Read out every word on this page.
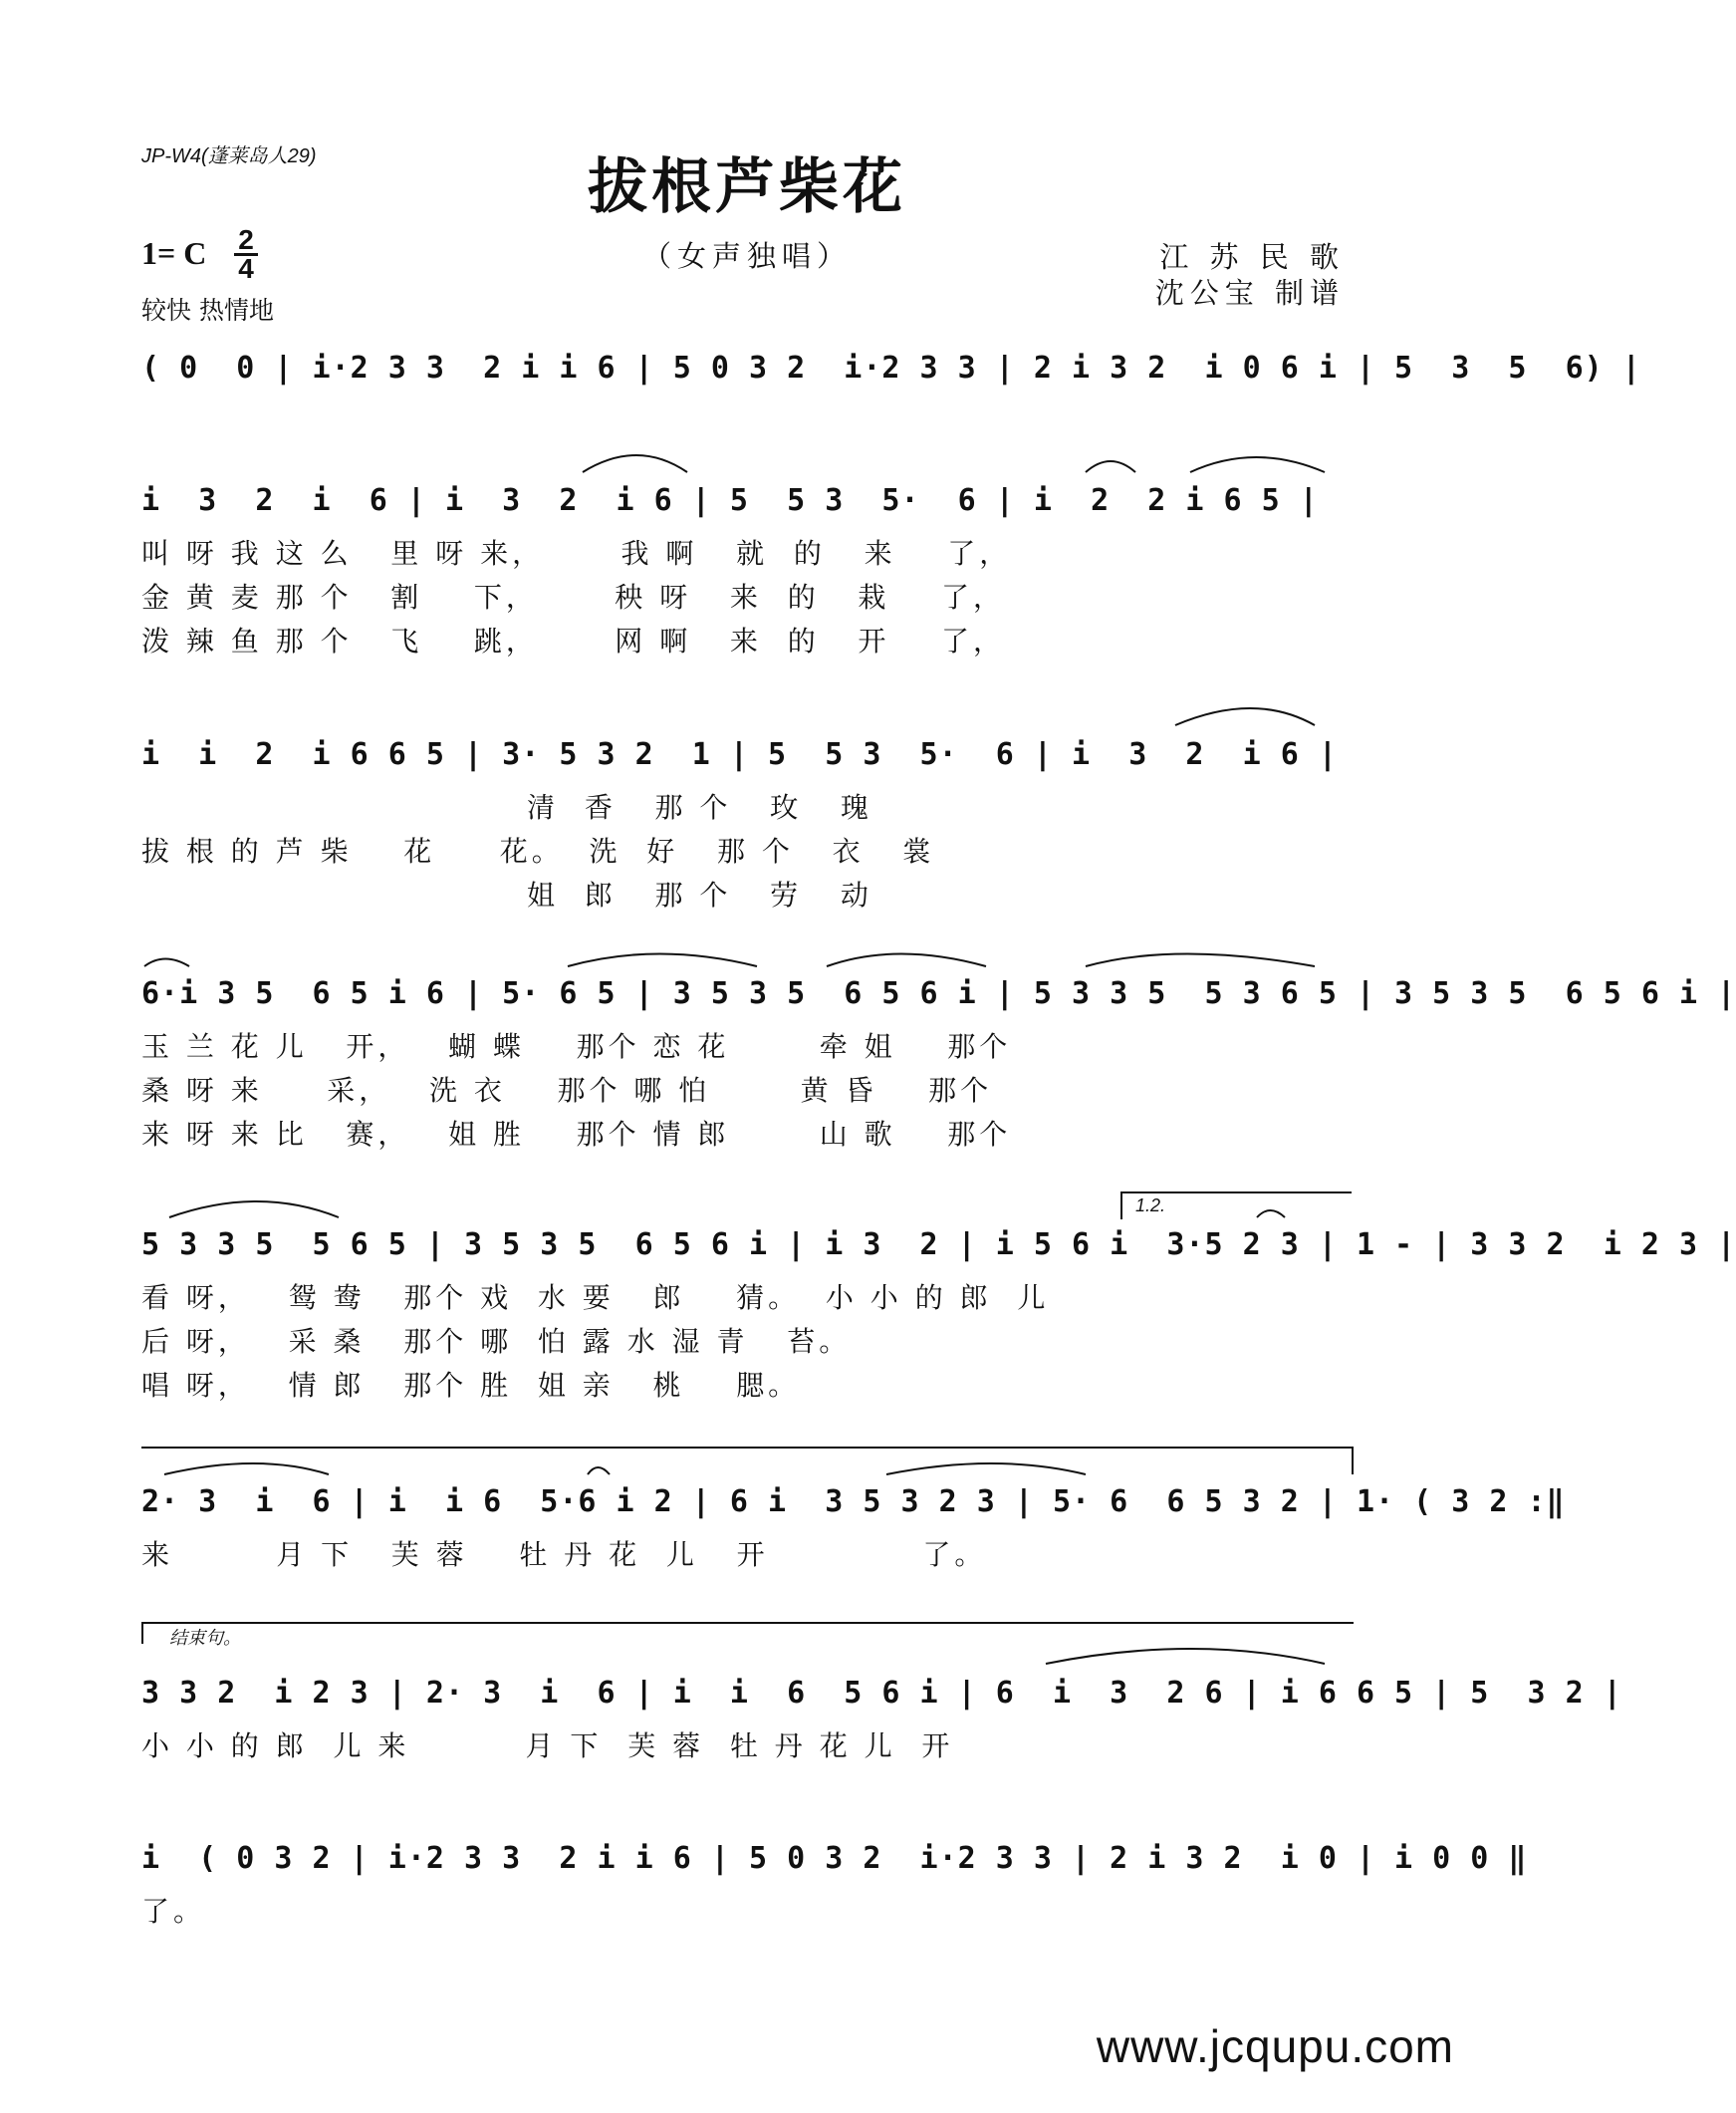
JP-W4(蓬莱岛人29)	拔根芦柴花
（女声独唱）
1= C 2
4
较快 热情地
江 苏 民 歌
沈公宝 制谱
( 0  0 | i·2 3 3  2 i i 6 | 5 0 3 2  i·2 3 3 | 2 i 3 2  i 0 6 i | 5  3  5  6) |
i  3  2  i  6 | i  3  2  i 6 | 5  5 3  5·  6 | i  2  2 i 6 5 |
叫 呀 我 这 么   里 呀 来，      我 啊   就  的   来    了，
金 黄 麦 那 个   割    下，      秧 呀   来  的   栽    了，
泼 辣 鱼 那 个   飞    跳，      网 啊   来  的   开    了，
i  i  2  i 6 6 5 | 3· 5 3 2  1 | 5  5 3  5·  6 | i  3  2  i 6 |
清  香   那 个   玫   瑰
拔 根 的 芦 柴    花     花。  洗  好   那 个   衣   裳
姐  郎   那 个   劳   动
6·i 3 5  6 5 i 6 | 5· 6 5 | 3 5 3 5  6 5 6 i | 5 3 3 5  5 3 6 5 | 3 5 3 5  6 5 6 i |
玉 兰 花 儿   开，   蝴 蝶    那个 恋 花       牵 姐    那个
桑 呀 来     采，   洗 衣    那个 哪 怕       黄 昏    那个
来 呀 来 比   赛，   姐 胜    那个 情 郎       山 歌    那个
1.2.
5 3 3 5  5 6 5 | 3 5 3 5  6 5 6 i | i 3  2 | i 5 6 i  3·5 2 3 | 1 - | 3 3 2  i 2 3 |
看 呀，   鸳 鸯   那个 戏  水 要   郎    猜。  小 小 的 郎  儿
后 呀，   采 桑   那个 哪  怕 露 水 湿 青   苔。
唱 呀，   情 郎   那个 胜  姐 亲   桃    腮。
2· 3  i  6 | i  i 6  5·6 i 2 | 6 i  3 5 3 2 3 | 5· 6  6 5 3 2 | 1· ( 3 2 :‖
来        月 下   芙 蓉    牡 丹 花  儿   开            了。
结束句。
3 3 2  i 2 3 | 2· 3  i  6 | i  i  6  5 6 i | 6  i  3  2 6 | i 6 6 5 | 5  3 2 |
小 小 的 郎  儿 来         月 下  芙 蓉  牡 丹 花 儿  开
i  ( 0 3 2 | i·2 3 3  2 i i 6 | 5 0 3 2  i·2 3 3 | 2 i 3 2  i 0 | i 0 0 ‖
了。
www.jcqupu.com
